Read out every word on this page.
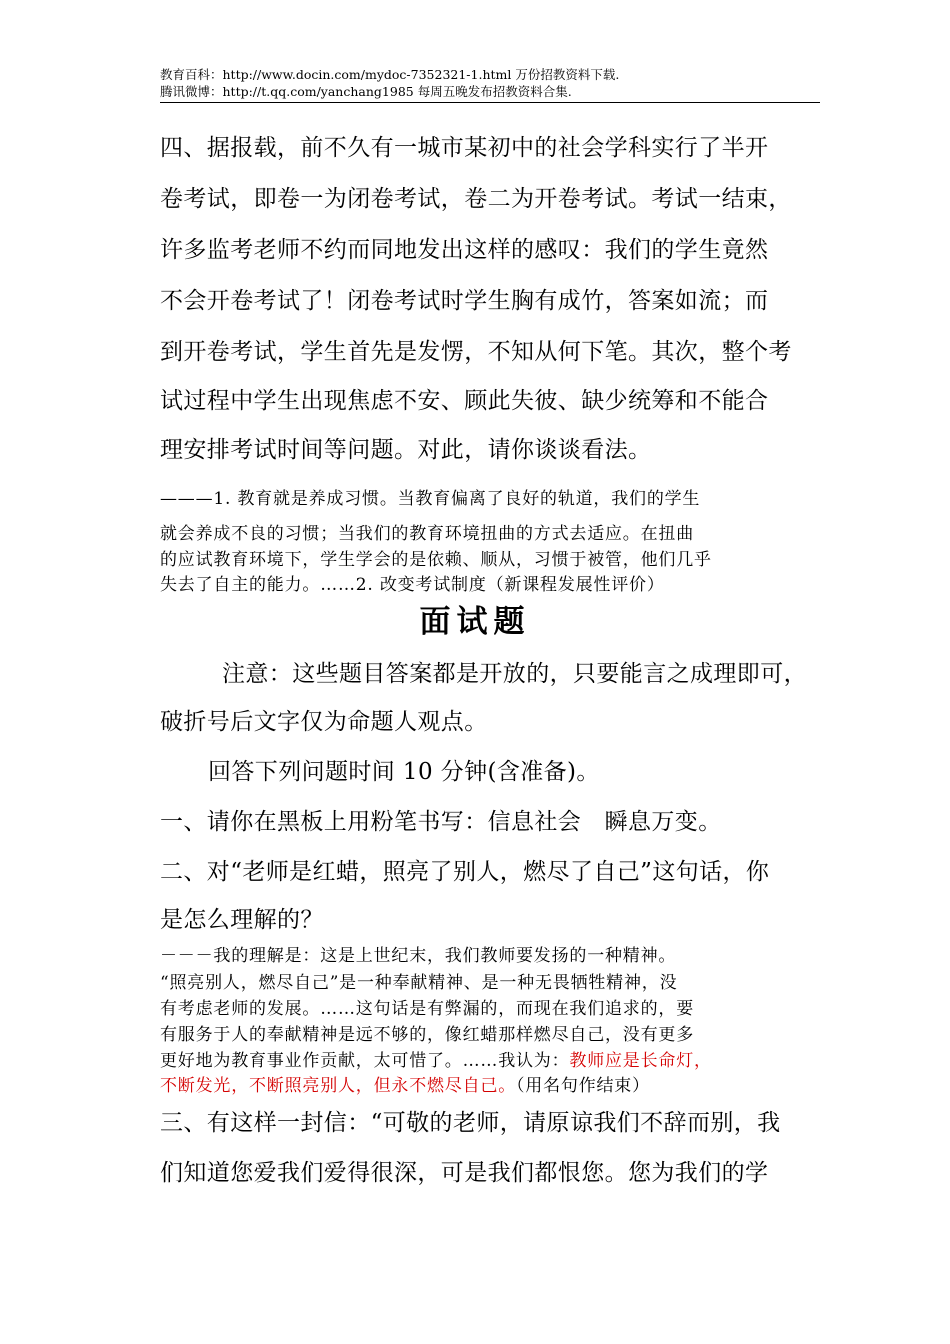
教育百科：http://www.docin.com/mydoc-7352321-1.html 万份招教资料下载.
腾讯微博：http://t.qq.com/yanchang1985 每周五晚发布招教资料合集.
四、据报载，前不久有一城市某初中的社会学科实行了半开
卷考试，即卷一为闭卷考试，卷二为开卷考试。考试一结束，
许多监考老师不约而同地发出这样的感叹：我们的学生竟然
不会开卷考试了！闭卷考试时学生胸有成竹，答案如流；而
到开卷考试，学生首先是发愣，不知从何下笔。其次，整个考
试过程中学生出现焦虑不安、顾此失彼、缺少统筹和不能合
理安排考试时间等问题。对此，请你谈谈看法。
———1. 教育就是养成习惯。当教育偏离了良好的轨道，我们的学生
就会养成不良的习惯；当我们的教育环境扭曲的方式去适应。在扭曲
的应试教育环境下，学生学会的是依赖、顺从，习惯于被管，他们几乎
失去了自主的能力。……2. 改变考试制度（新课程发展性评价）
面试题
注意：这些题目答案都是开放的，只要能言之成理即可，
破折号后文字仅为命题人观点。
回答下列问题时间 10 分钟(含准备)。
一、请你在黑板上用粉笔书写：信息社会　瞬息万变。
二、对“老师是红蜡，照亮了别人，燃尽了自己”这句话，你
是怎么理解的？
－－－我的理解是：这是上世纪末，我们教师要发扬的一种精神。
“照亮别人，燃尽自己”是一种奉献精神、是一种无畏牺牲精神，没
有考虑老师的发展。……这句话是有弊漏的，而现在我们追求的，要
有服务于人的奉献精神是远不够的，像红蜡那样燃尽自己，没有更多
更好地为教育事业作贡献，太可惜了。……我认为：教师应是长命灯，
不断发光，不断照亮别人，但永不燃尽自己。（用名句作结束）
三、有这样一封信：“可敬的老师，请原谅我们不辞而别，我
们知道您爱我们爱得很深，可是我们都恨您。您为我们的学
